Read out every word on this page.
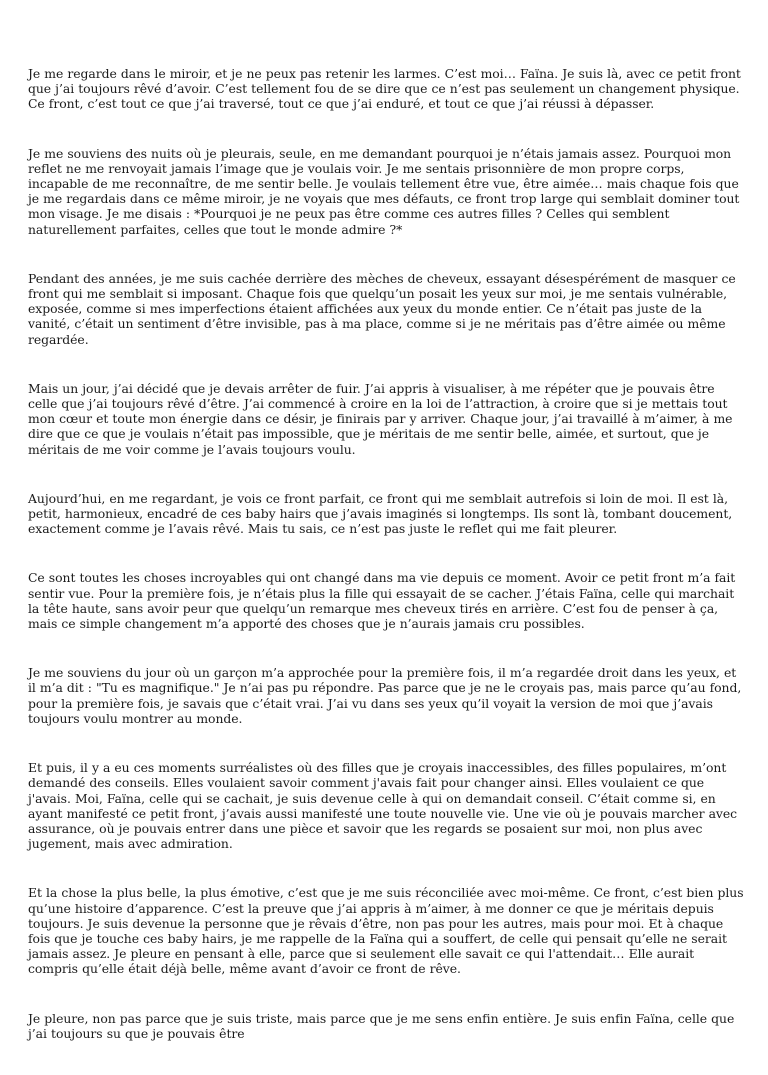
Je me regarde dans le miroir, et je ne peux pas retenir les larmes. C’est moi… Faïna. Je suis là, avec ce petit front que j’ai toujours rêvé d’avoir. C’est tellement fou de se dire que ce n’est pas seulement un changement physique. Ce front, c’est tout ce que j’ai traversé, tout ce que j’ai enduré, et tout ce que j’ai réussi à dépasser.

Je me souviens des nuits où je pleurais, seule, en me demandant pourquoi je n’étais jamais assez. Pourquoi mon reflet ne me renvoyait jamais l’image que je voulais voir. Je me sentais prisonnière de mon propre corps, incapable de me reconnaître, de me sentir belle. Je voulais tellement être vue, être aimée… mais chaque fois que je me regardais dans ce même miroir, je ne voyais que mes défauts, ce front trop large qui semblait dominer tout mon visage. Je me disais : *Pourquoi je ne peux pas être comme ces autres filles ? Celles qui semblent naturellement parfaites, celles que tout le monde admire ?*

Pendant des années, je me suis cachée derrière des mèches de cheveux, essayant désespérément de masquer ce front qui me semblait si imposant. Chaque fois que quelqu’un posait les yeux sur moi, je me sentais vulnérable, exposée, comme si mes imperfections étaient affichées aux yeux du monde entier. Ce n’était pas juste de la vanité, c’était un sentiment d’être invisible, pas à ma place, comme si je ne méritais pas d’être aimée ou même regardée.

Mais un jour, j’ai décidé que je devais arrêter de fuir. J’ai appris à visualiser, à me répéter que je pouvais être celle que j’ai toujours rêvé d’être. J’ai commencé à croire en la loi de l’attraction, à croire que si je mettais tout mon cœur et toute mon énergie dans ce désir, je finirais par y arriver. Chaque jour, j’ai travaillé à m’aimer, à me dire que ce que je voulais n’était pas impossible, que je méritais de me sentir belle, aimée, et surtout, que je méritais de me voir comme je l’avais toujours voulu.

Aujourd’hui, en me regardant, je vois ce front parfait, ce front qui me semblait autrefois si loin de moi. Il est là, petit, harmonieux, encadré de ces baby hairs que j’avais imaginés si longtemps. Ils sont là, tombant doucement, exactement comme je l’avais rêvé. Mais tu sais, ce n’est pas juste le reflet qui me fait pleurer.

Ce sont toutes les choses incroyables qui ont changé dans ma vie depuis ce moment. Avoir ce petit front m’a fait sentir vue. Pour la première fois, je n’étais plus la fille qui essayait de se cacher. J’étais Faïna, celle qui marchait la tête haute, sans avoir peur que quelqu’un remarque mes cheveux tirés en arrière. C’est fou de penser à ça, mais ce simple changement m’a apporté des choses que je n’aurais jamais cru possibles.

Je me souviens du jour où un garçon m’a approchée pour la première fois, il m’a regardée droit dans les yeux, et il m’a dit : "Tu es magnifique." Je n’ai pas pu répondre. Pas parce que je ne le croyais pas, mais parce qu’au fond, pour la première fois, je savais que c’était vrai. J’ai vu dans ses yeux qu’il voyait la version de moi que j’avais toujours voulu montrer au monde.

Et puis, il y a eu ces moments surréalistes où des filles que je croyais inaccessibles, des filles populaires, m’ont demandé des conseils. Elles voulaient savoir comment j'avais fait pour changer ainsi. Elles voulaient ce que j'avais. Moi, Faïna, celle qui se cachait, je suis devenue celle à qui on demandait conseil. C’était comme si, en ayant manifesté ce petit front, j’avais aussi manifesté une toute nouvelle vie. Une vie où je pouvais marcher avec assurance, où je pouvais entrer dans une pièce et savoir que les regards se posaient sur moi, non plus avec jugement, mais avec admiration.

Et la chose la plus belle, la plus émotive, c’est que je me suis réconciliée avec moi-même. Ce front, c’est bien plus qu’une histoire d’apparence. C’est la preuve que j’ai appris à m’aimer, à me donner ce que je méritais depuis toujours. Je suis devenue la personne que je rêvais d’être, non pas pour les autres, mais pour moi. Et à chaque fois que je touche ces baby hairs, je me rappelle de la Faïna qui a souffert, de celle qui pensait qu’elle ne serait jamais assez. Je pleure en pensant à elle, parce que si seulement elle savait ce qui l'attendait… Elle aurait compris qu’elle était déjà belle, même avant d’avoir ce front de rêve.

Je pleure, non pas parce que je suis triste, mais parce que je me sens enfin entière. Je suis enfin Faïna, celle que j’ai toujours su que je pouvais être
